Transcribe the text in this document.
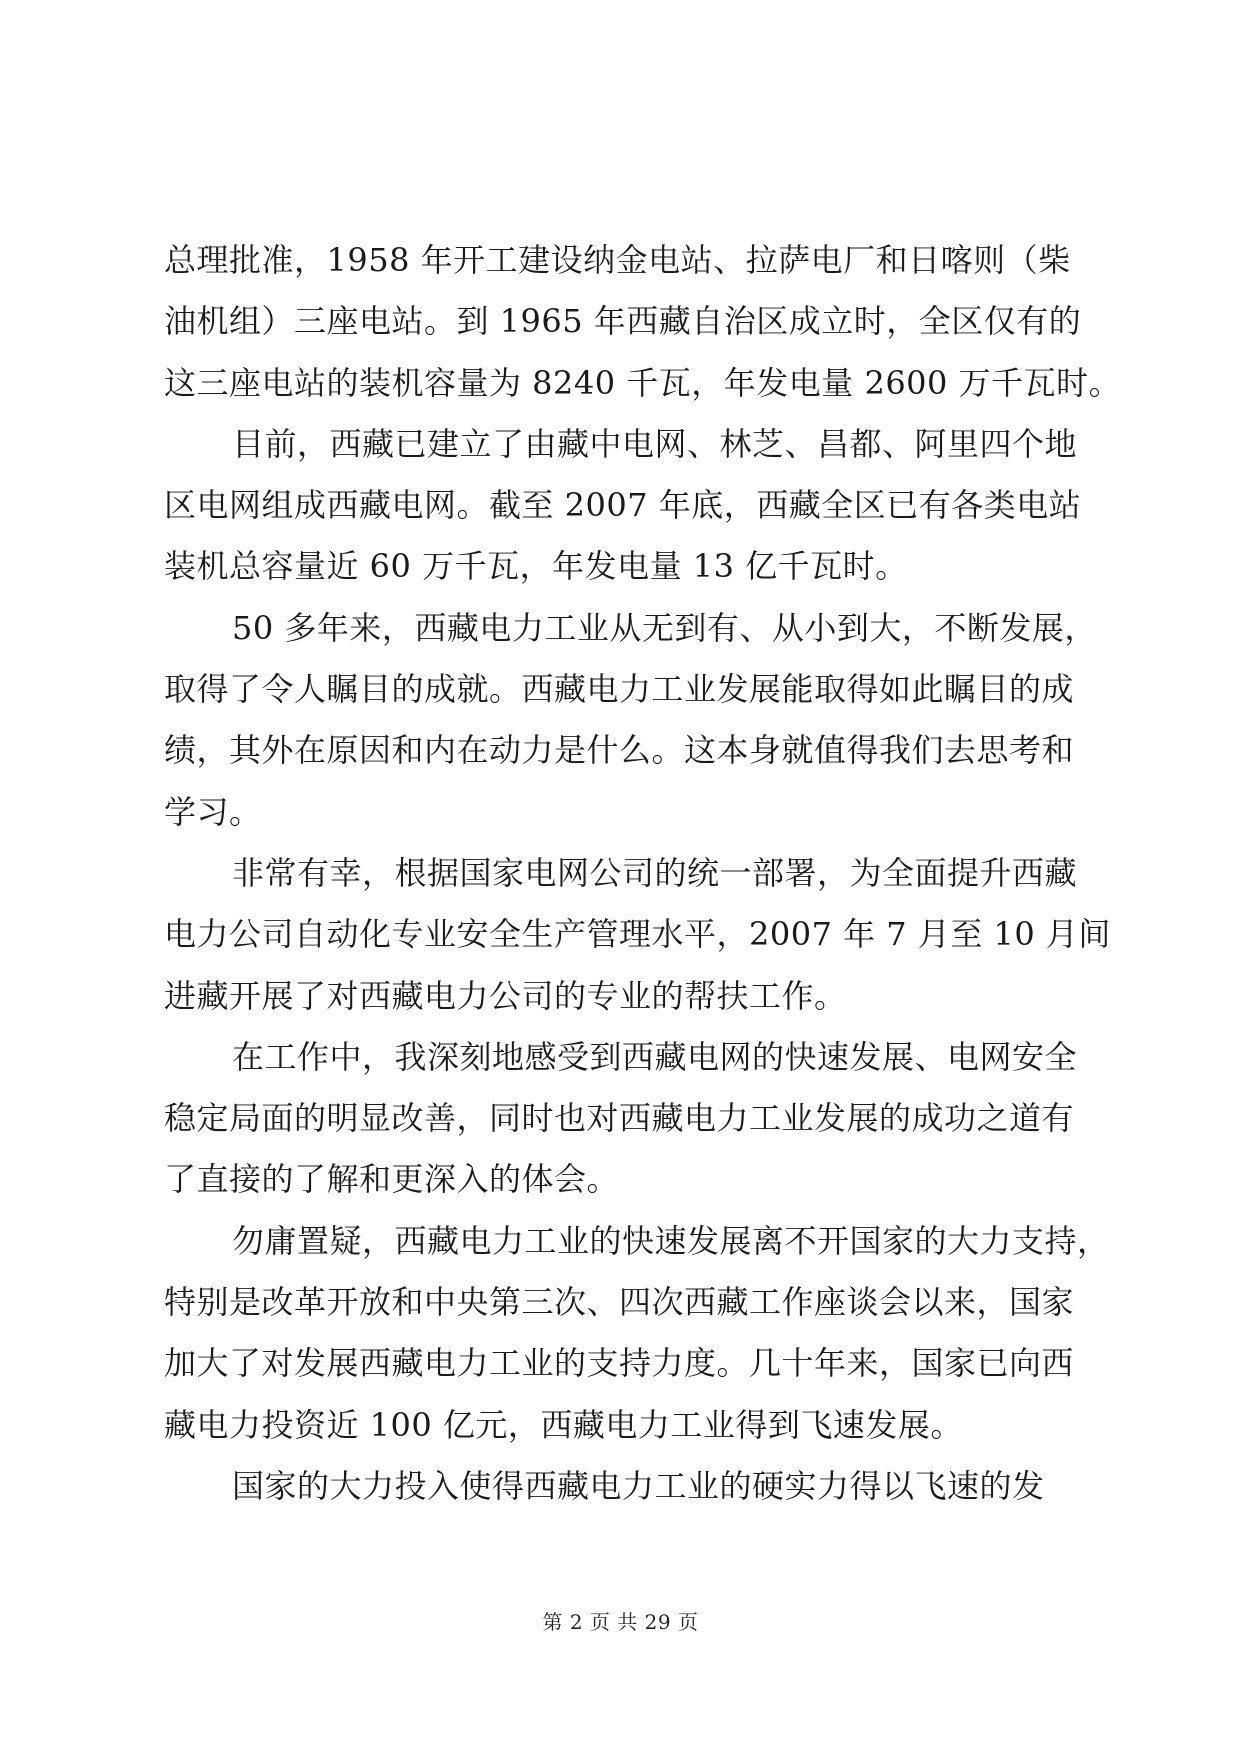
总理批准，1958 年开工建设纳金电站、拉萨电厂和日喀则（柴
油机组）三座电站。到 1965 年西藏自治区成立时，全区仅有的
这三座电站的装机容量为 8240 千瓦，年发电量 2600 万千瓦时。
目前，西藏已建立了由藏中电网、林芝、昌都、阿里四个地
区电网组成西藏电网。截至 2007 年底，西藏全区已有各类电站
装机总容量近 60 万千瓦，年发电量 13 亿千瓦时。
50 多年来，西藏电力工业从无到有、从小到大，不断发展，
取得了令人瞩目的成就。西藏电力工业发展能取得如此瞩目的成
绩，其外在原因和内在动力是什么。这本身就值得我们去思考和
学习。
非常有幸，根据国家电网公司的统一部署，为全面提升西藏
电力公司自动化专业安全生产管理水平，2007 年 7 月至 10 月间
进藏开展了对西藏电力公司的专业的帮扶工作。
在工作中，我深刻地感受到西藏电网的快速发展、电网安全
稳定局面的明显改善，同时也对西藏电力工业发展的成功之道有
了直接的了解和更深入的体会。
勿庸置疑，西藏电力工业的快速发展离不开国家的大力支持，
特别是改革开放和中央第三次、四次西藏工作座谈会以来，国家
加大了对发展西藏电力工业的支持力度。几十年来，国家已向西
藏电力投资近 100 亿元，西藏电力工业得到飞速发展。
国家的大力投入使得西藏电力工业的硬实力得以飞速的发
第 2 页 共 29 页
